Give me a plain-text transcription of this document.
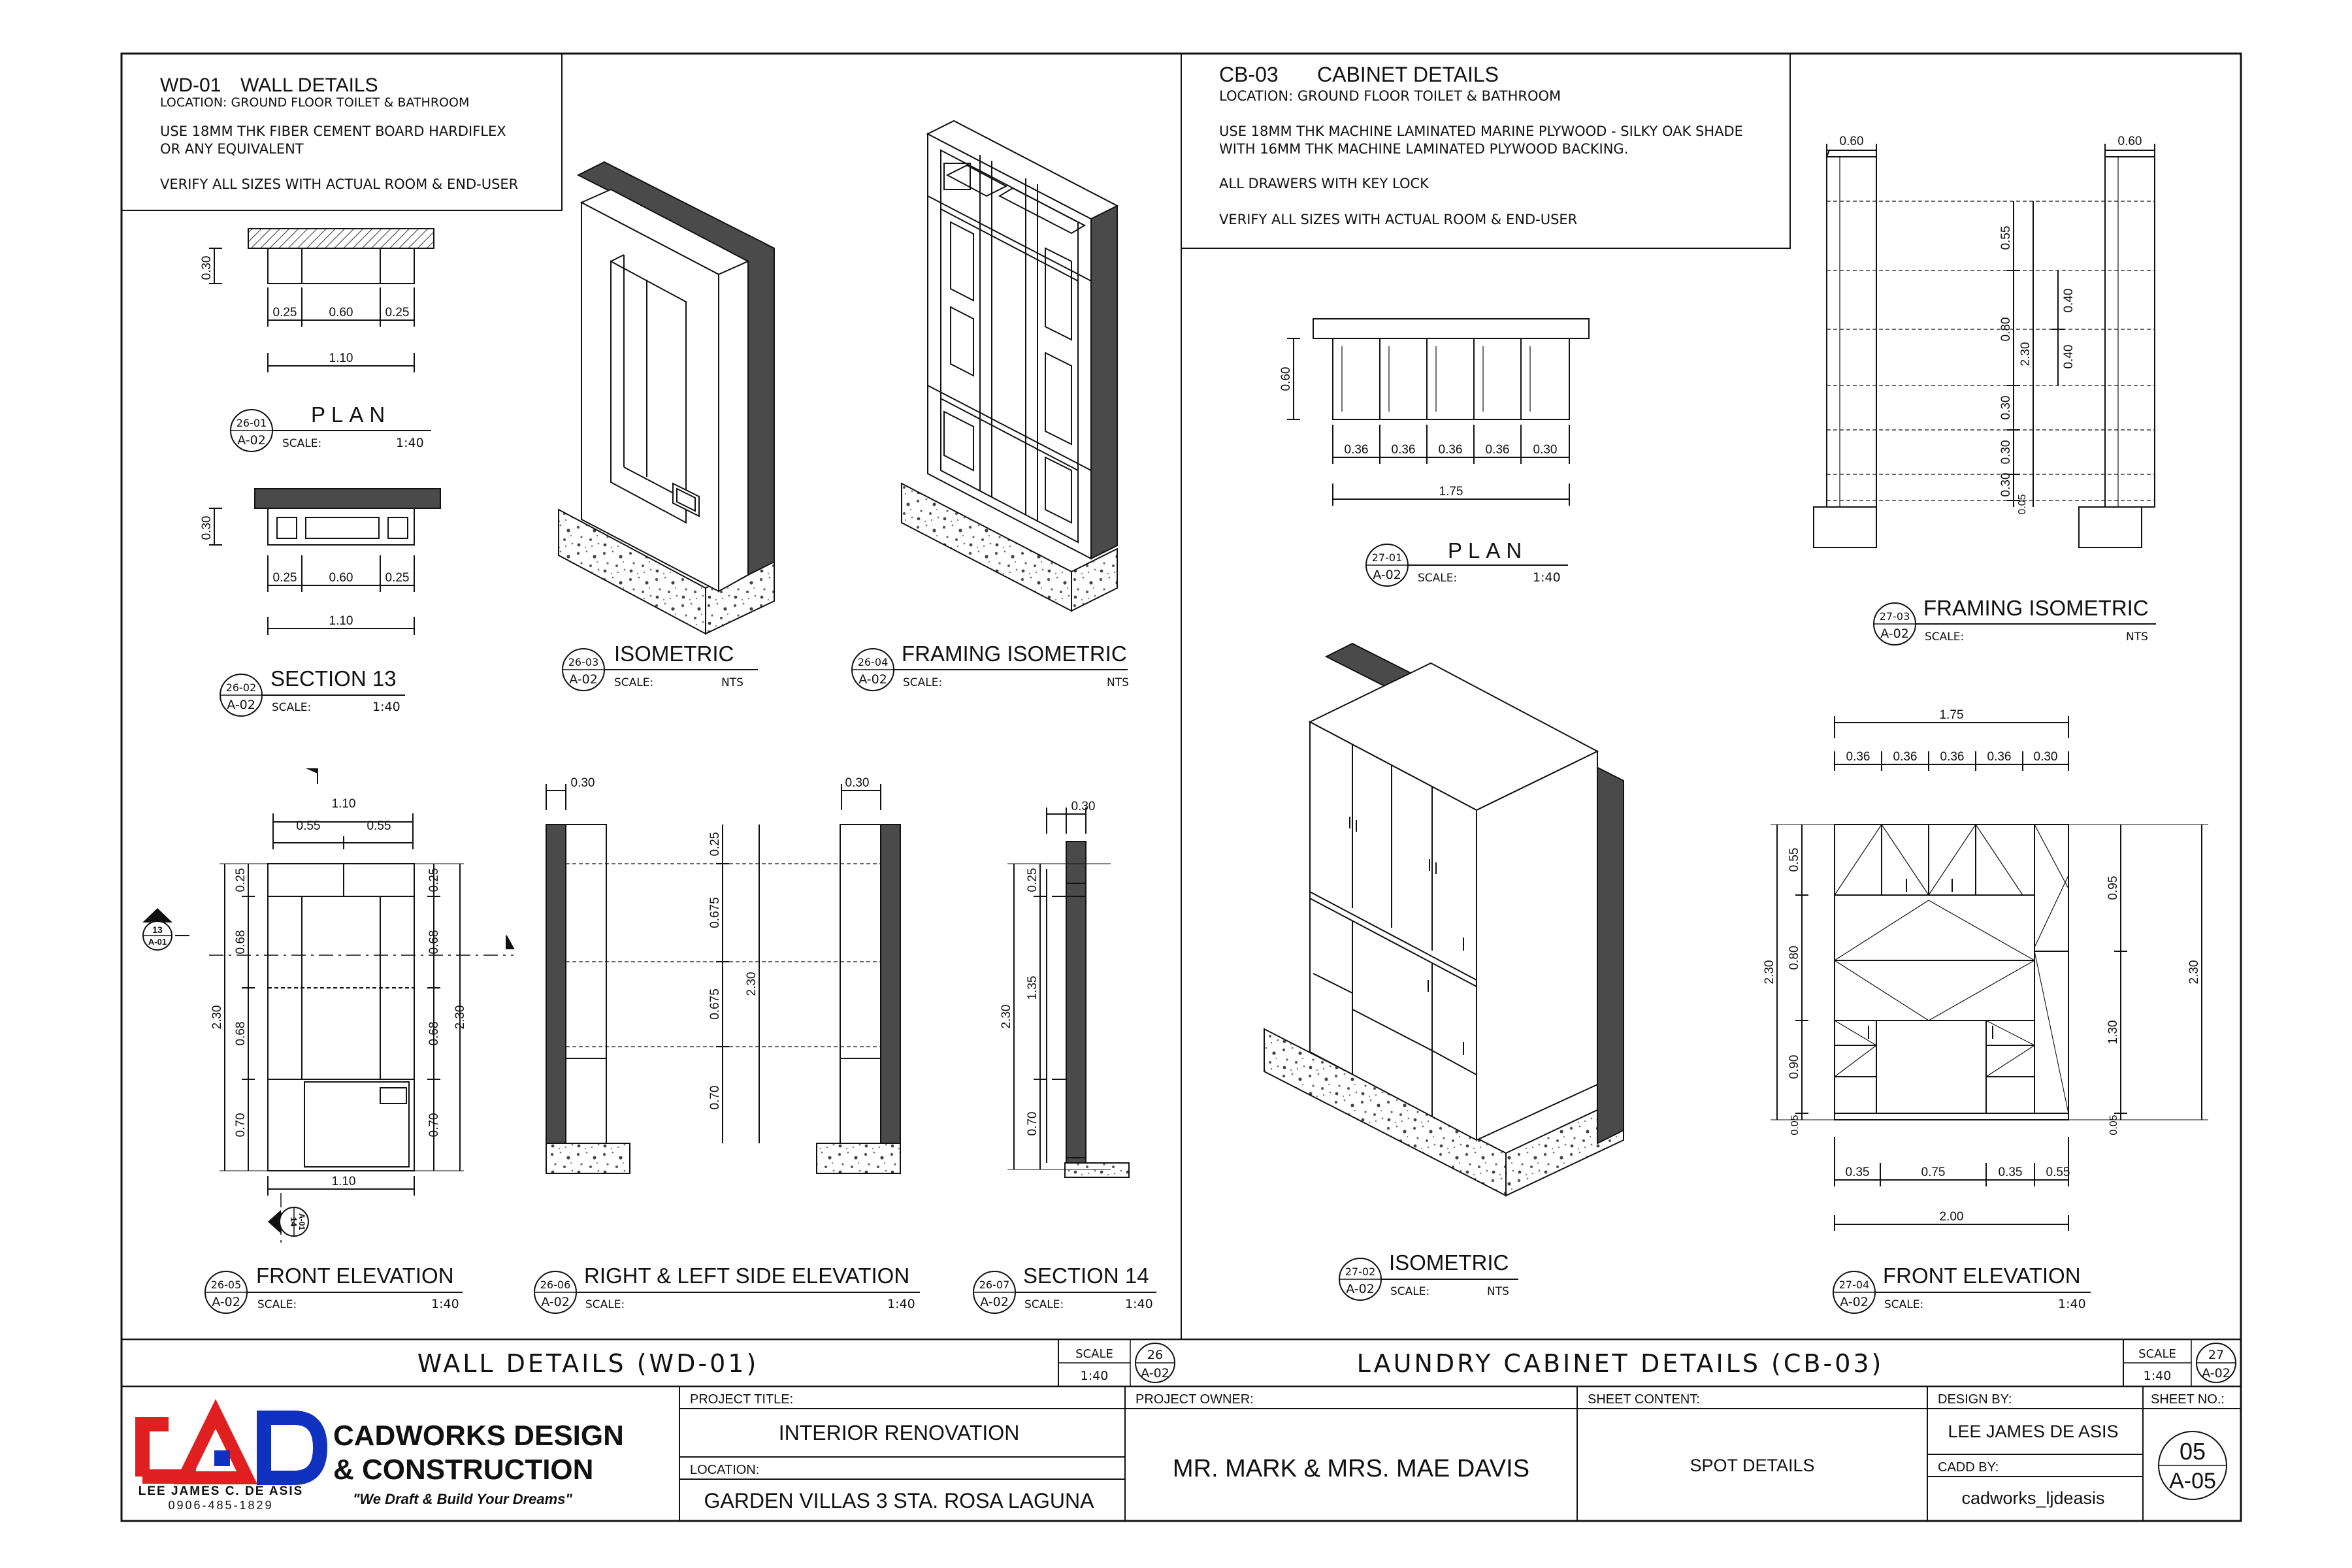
WD-01 WALL DETAILS
LOCATION: GROUND FLOOR TOILET & BATHROOM
USE 18MM THK FIBER CEMENT BOARD HARDIFLEX
OR ANY EQUIVALENT
VERIFY ALL SIZES WITH ACTUAL ROOM & END-USER
CB-03 CABINET DETAILS
LOCATION: GROUND FLOOR TOILET & BATHROOM
USE 18MM THK MACHINE LAMINATED MARINE PLYWOOD - SILKY OAK SHADE
WITH 16MM THK MACHINE LAMINATED PLYWOOD BACKING.
ALL DRAWERS WITH KEY LOCK
VERIFY ALL SIZES WITH ACTUAL ROOM & END-USER
0.30
0.25	0.60	0.25
1.10
0.30
0.25	0.60	0.25
1.10
1.10
0.55	0.55
0.25
0.68
0.68
0.70
2.30
0.25
0.68
0.68
0.70
2.30
1.10
13
A-01
14
A-01
0.30	0.30
0.25
0.675
0.675
0.70
2.30
0.30
0.25
1.35
0.70
2.30
0.60
0.36 0.36 0.36 0.36 0.30
1.75
0.60	0.60
0.55
0.80
0.30
0.30
0.30
0.05
2.30
0.40
0.40
1.75
0.36 0.36 0.36 0.36 0.30
2.30
0.55
0.80
0.90
0.05
0.95
1.30
0.05
2.30
0.35	0.75	0.35 0.55
2.00
26-01
A-02
PLAN
SCALE:	1:40
26-02
A-02
SECTION 13
SCALE:	1:40
26-03
A-02
ISOMETRIC
SCALE:	NTS
26-04
A-02
FRAMING ISOMETRIC
SCALE:	NTS
26-05
A-02
FRONT ELEVATION
SCALE:	1:40
26-06
A-02
RIGHT & LEFT SIDE ELEVATION
SCALE:	1:40
26-07
A-02
SECTION 14
SCALE:	1:40
27-01
A-02
PLAN
SCALE:	1:40
27-02
A-02
ISOMETRIC
SCALE:	NTS
27-03
A-02
FRAMING ISOMETRIC
SCALE:	NTS
27-04
A-02
FRONT ELEVATION
SCALE:	1:40
WALL DETAILS (WD-01)	SCALE
1:40
26
A-02	LAUNDRY CABINET DETAILS (CB-03)	SCALE
1:40
27
A-02
LEE JAMES C. DE ASIS
0906-485-1829
CADWORKS DESIGN
& CONSTRUCTION
"We Draft & Build Your Dreams"
PROJECT TITLE:
INTERIOR RENOVATION
LOCATION:
GARDEN VILLAS 3 STA. ROSA LAGUNA
PROJECT OWNER:
MR. MARK & MRS. MAE DAVIS
SHEET CONTENT:
SPOT DETAILS
DESIGN BY:
LEE JAMES DE ASIS
CADD BY:
cadworks_ljdeasis
SHEET NO.:
05
A-05
